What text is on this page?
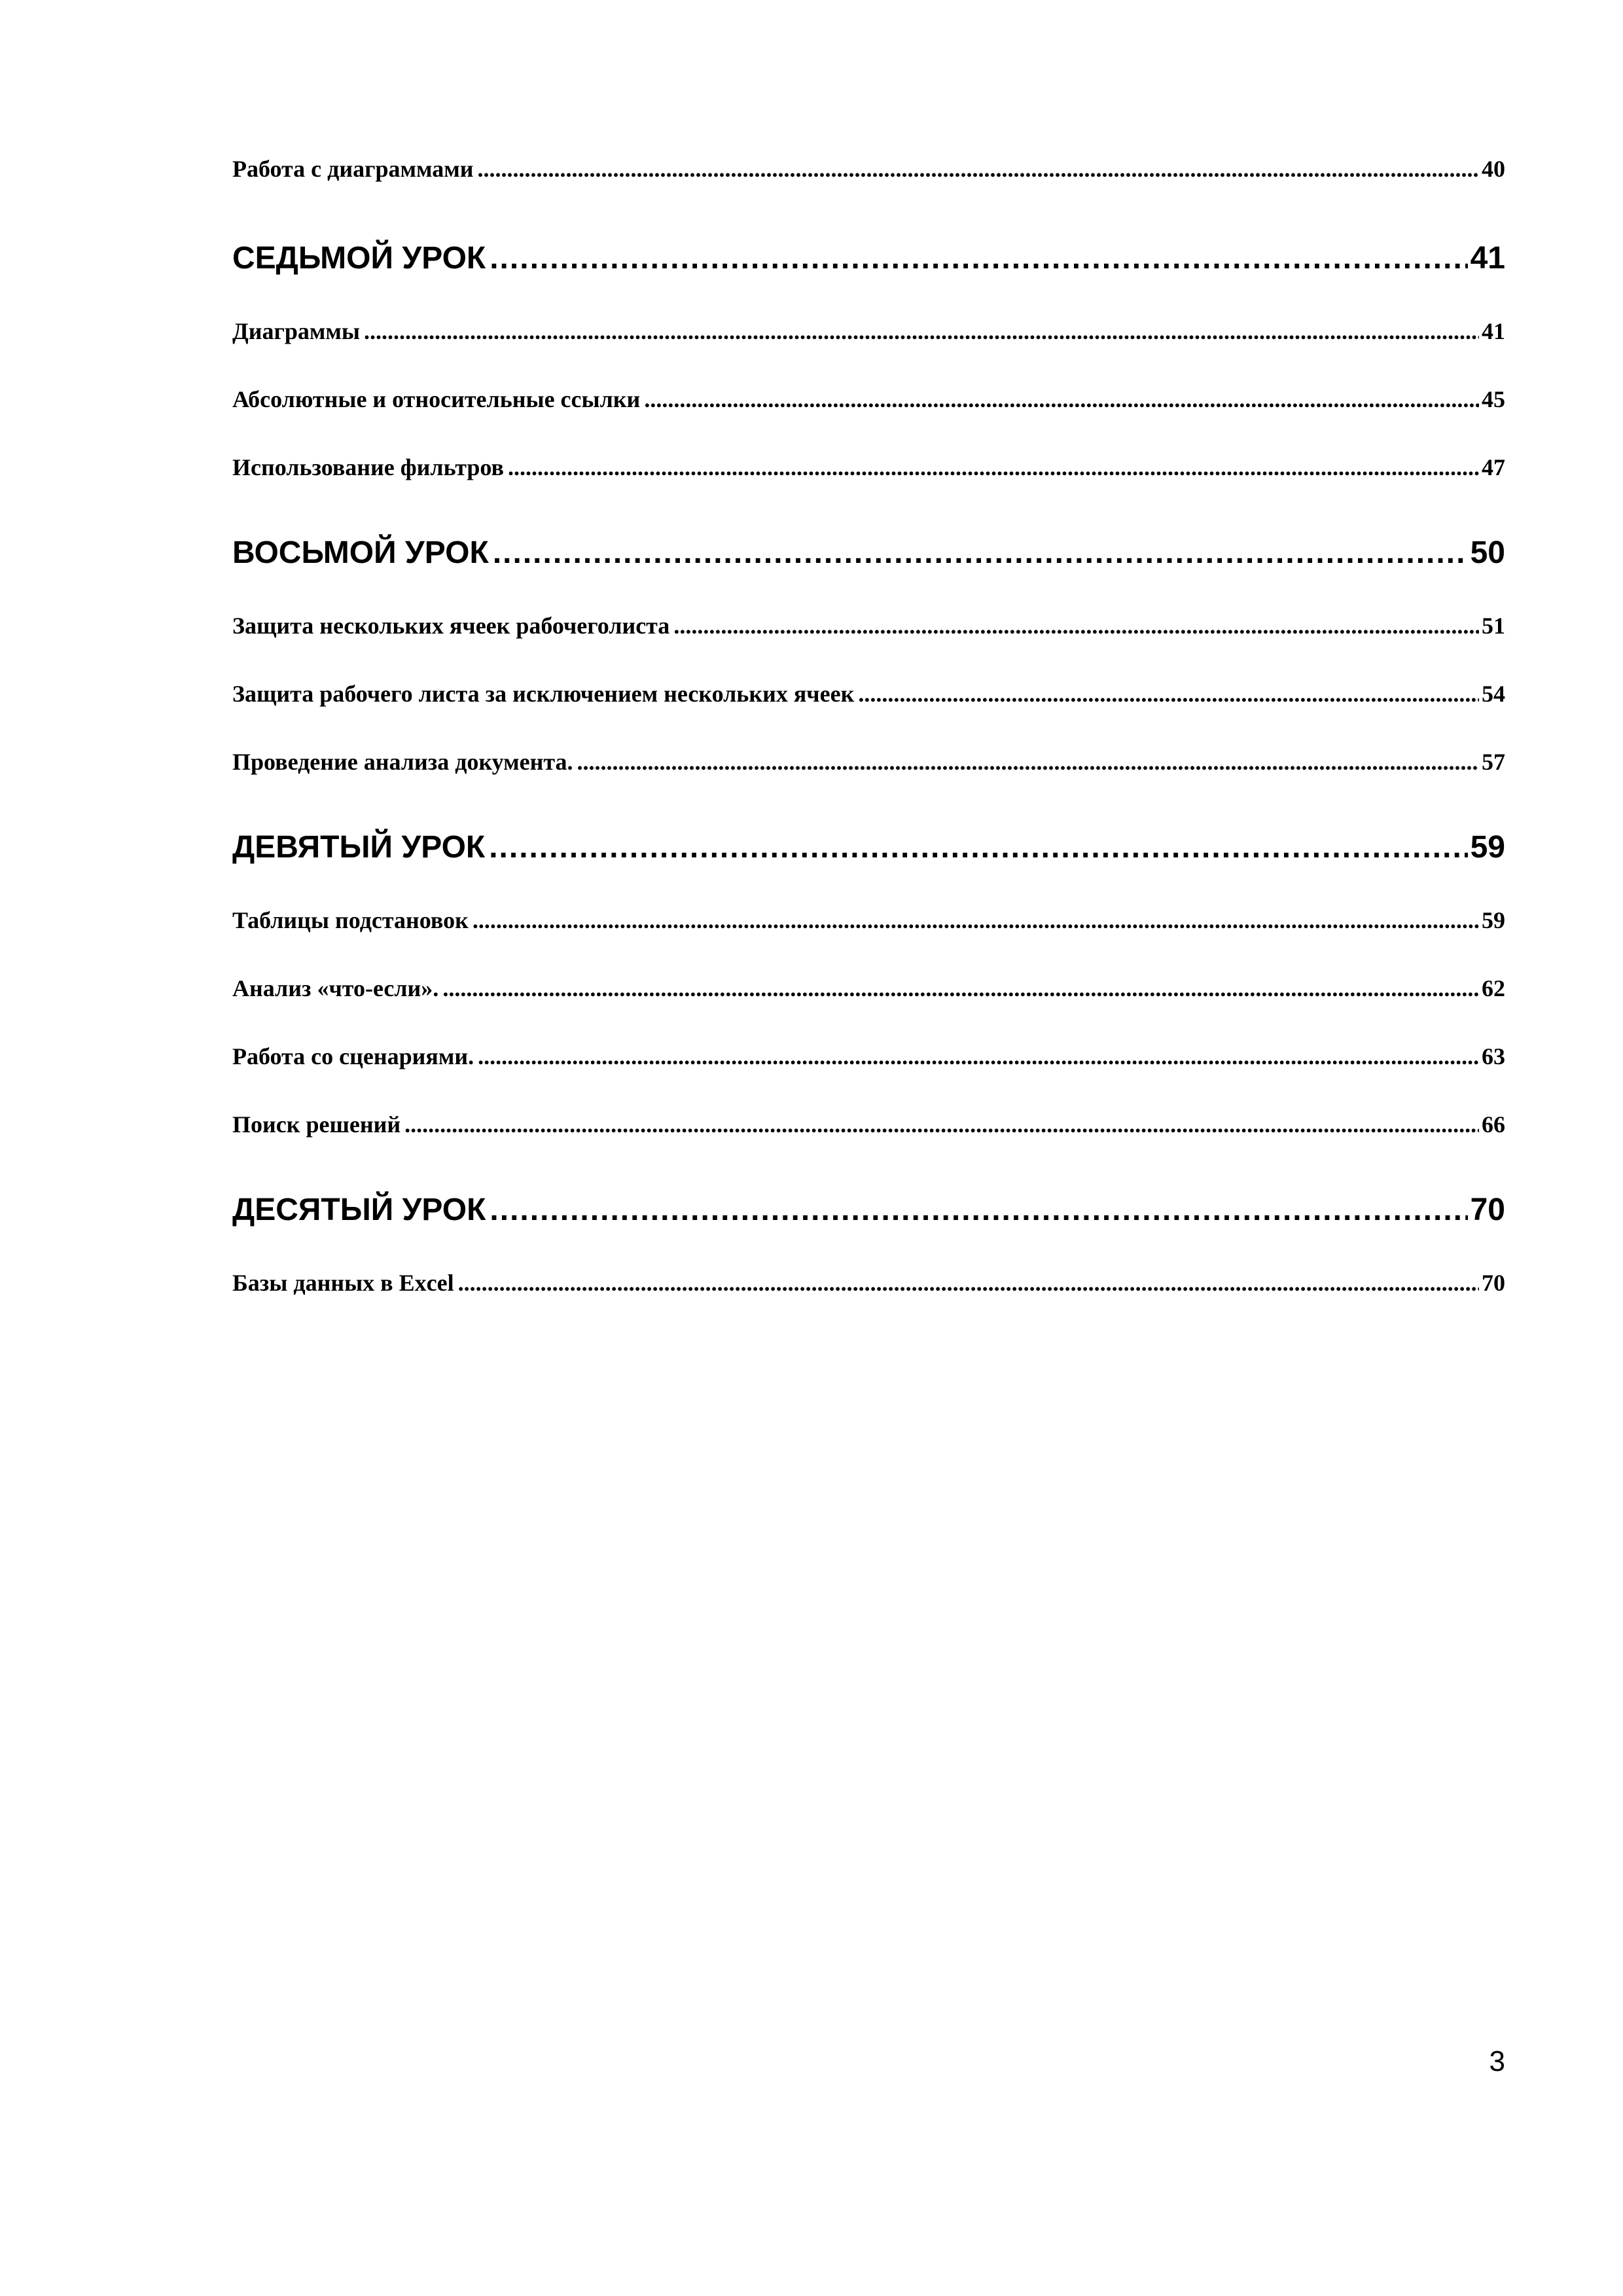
Работа с диаграммами .....	40
СЕДЬМОЙ УРОК .....	41
Диаграммы .....	41
Абсолютные и относительные ссылки .....	45
Использование фильтров .....	47
ВОСЬМОЙ УРОК .....	50
Защита нескольких ячеек рабочеголиста .....	51
Защита рабочего листа за исключением нескольких ячеек .....	54
Проведение анализа документа. .....	57
ДЕВЯТЫЙ УРОК .....	59
Таблицы подстановок .....	59
Анализ «что-если». .....	62
Работа со сценариями. .....	63
Поиск решений .....	66
ДЕСЯТЫЙ УРОК .....	70
Базы данных в Excel .....	70
3
